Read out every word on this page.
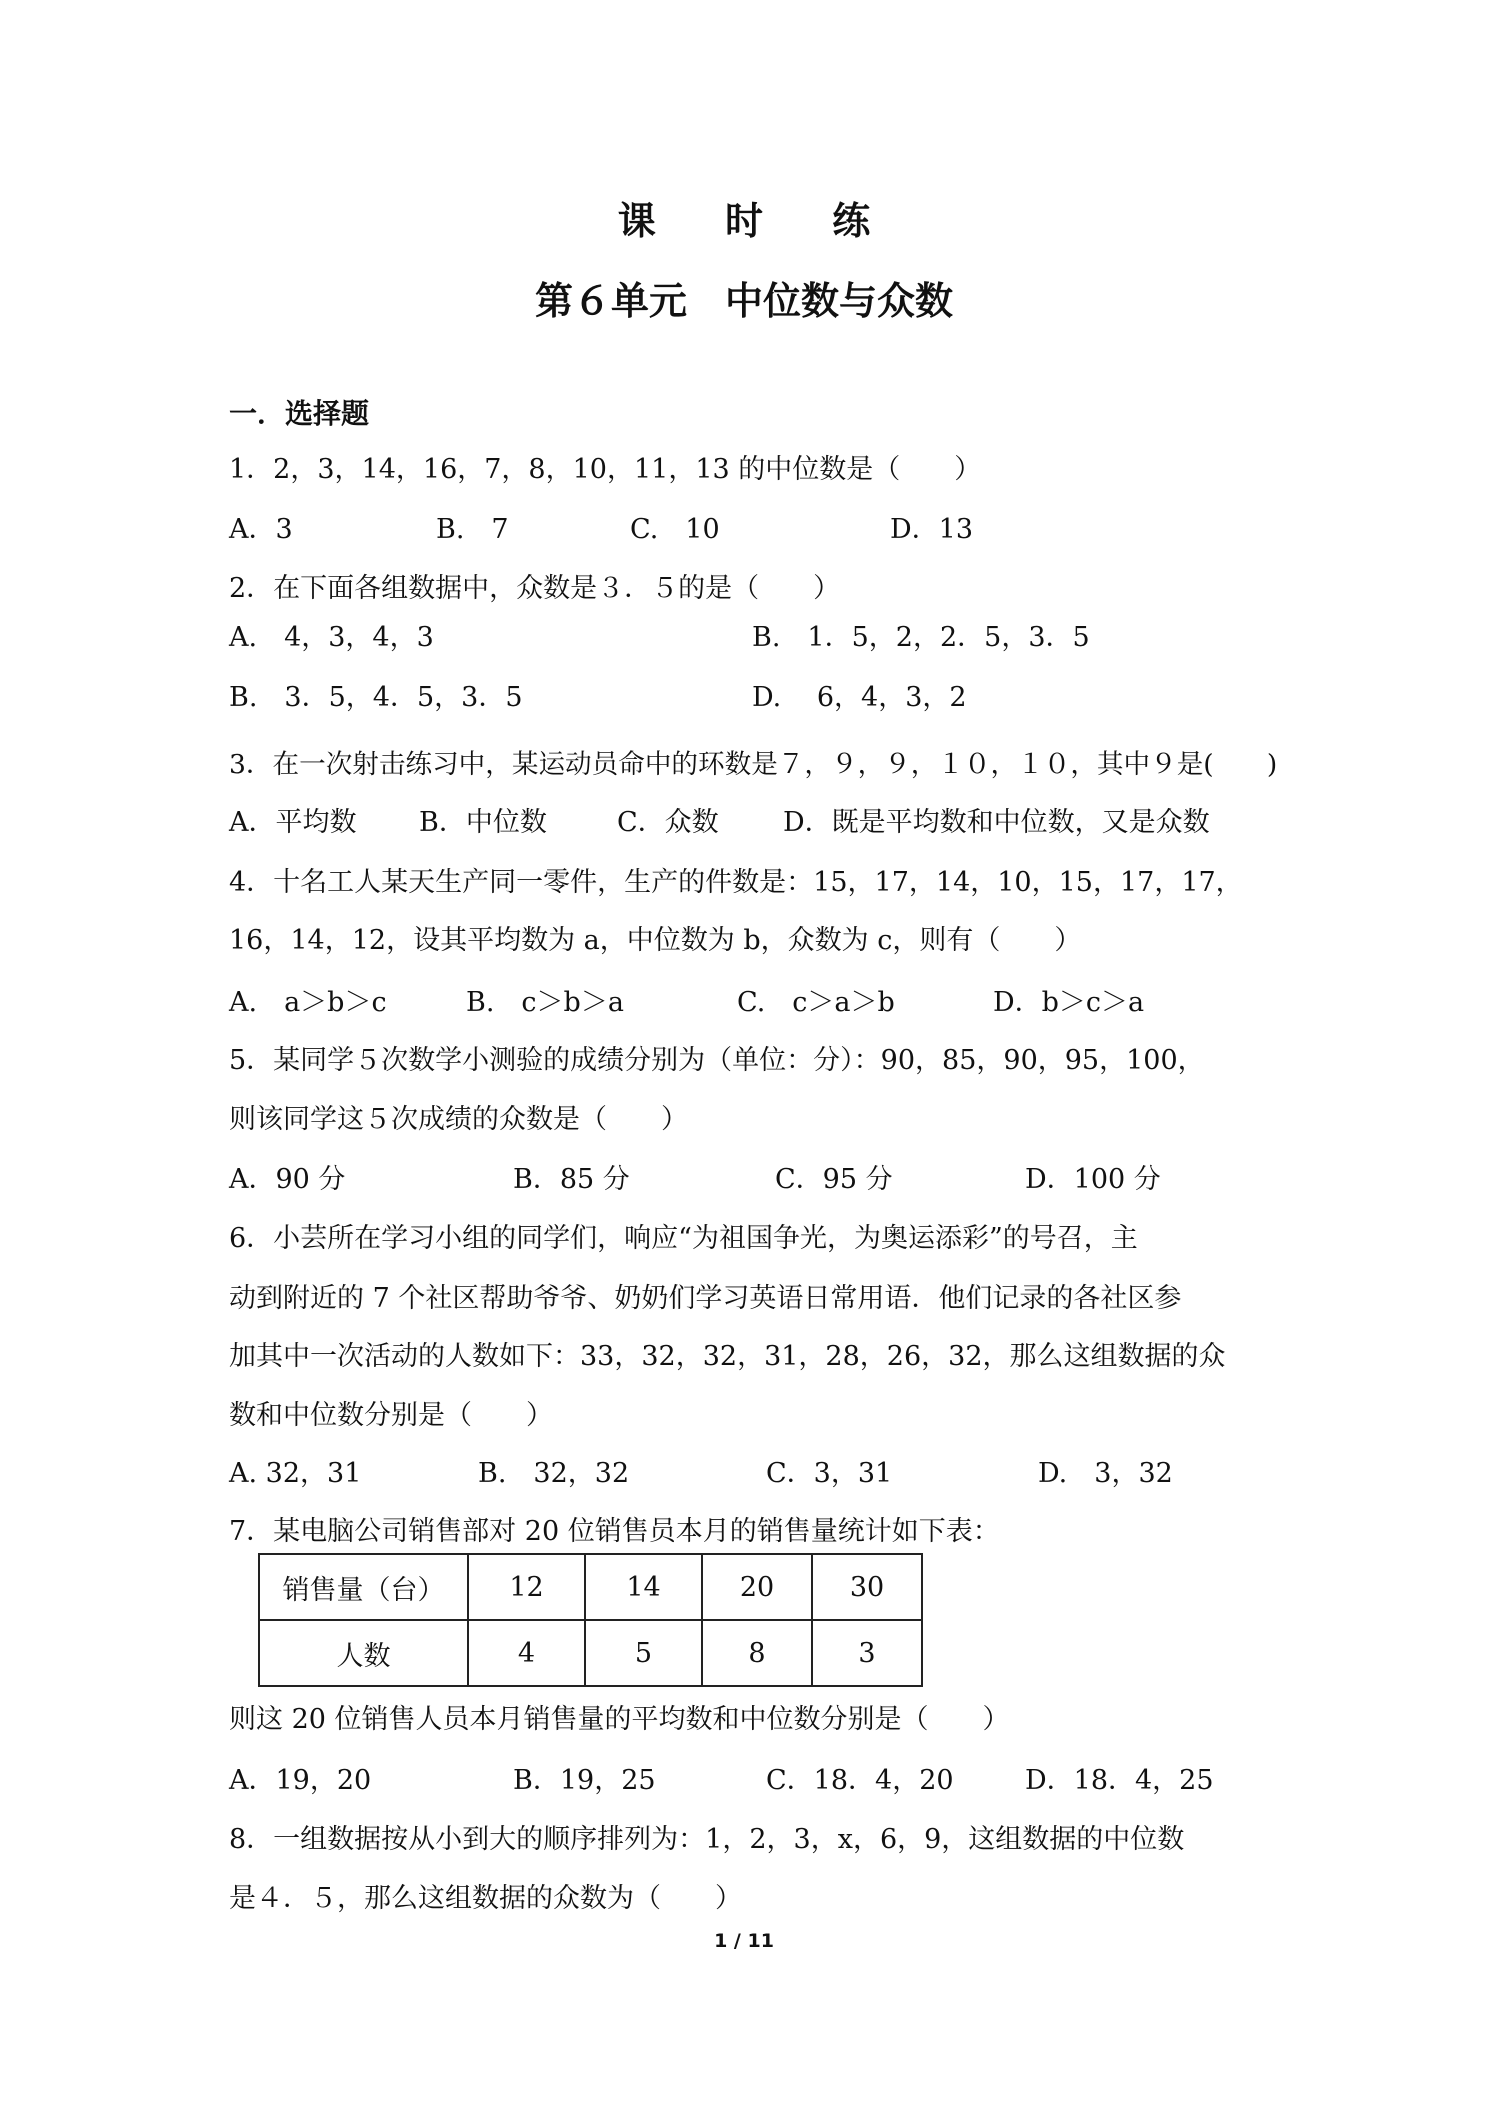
课 时 练
第６单元　中位数与众数
一．选择题
1．2，3，14，16，7，8，10，11，13 的中位数是（　　）
A．3	B.　7	C.　10	D．13
2．在下面各组数据中，众数是３．５的是（　　）
A.　4，3，4，3	B.　1．5，2，2．5，3．5
B.　3．5，4．5，3．5	D.　 6，4，3，2
3．在一次射击练习中，某运动员命中的环数是７，９，９，１０，１０，其中９是(　　)
A．平均数 B．中位数	C．众数 D．既是平均数和中位数，又是众数
4．十名工人某天生产同一零件，生产的件数是：15，17，14，10，15，17，17，
16，14，12，设其平均数为 a，中位数为 b，众数为 c，则有（　　）
A.　a＞b＞c	B.　c＞b＞a	C.　c＞a＞b	D．b＞c＞a
5．某同学５次数学小测验的成绩分别为（单位：分）：90，85，90，95，100，
则该同学这５次成绩的众数是（　　）
A．90 分	B．85 分	C．95 分	D．100 分
6．小芸所在学习小组的同学们，响应“为祖国争光，为奥运添彩”的号召，主
动到附近的 7 个社区帮助爷爷、奶奶们学习英语日常用语．他们记录的各社区参
加其中一次活动的人数如下：33，32，32，31，28，26，32，那么这组数据的众
数和中位数分别是（　　）
A. 32，31	B.　32，32	C．3，31	D.　3，32
7．某电脑公司销售部对 20 位销售员本月的销售量统计如下表：
销售量（台）	12	14	20	30
人数	4	5	8	3
则这 20 位销售人员本月销售量的平均数和中位数分别是（　　）
A．19，20	B．19，25	C．18．4，20	D．18．4，25
8．一组数据按从小到大的顺序排列为：1，2，3，x，6，9，这组数据的中位数
是４．５，那么这组数据的众数为（　　）
1 / 11
